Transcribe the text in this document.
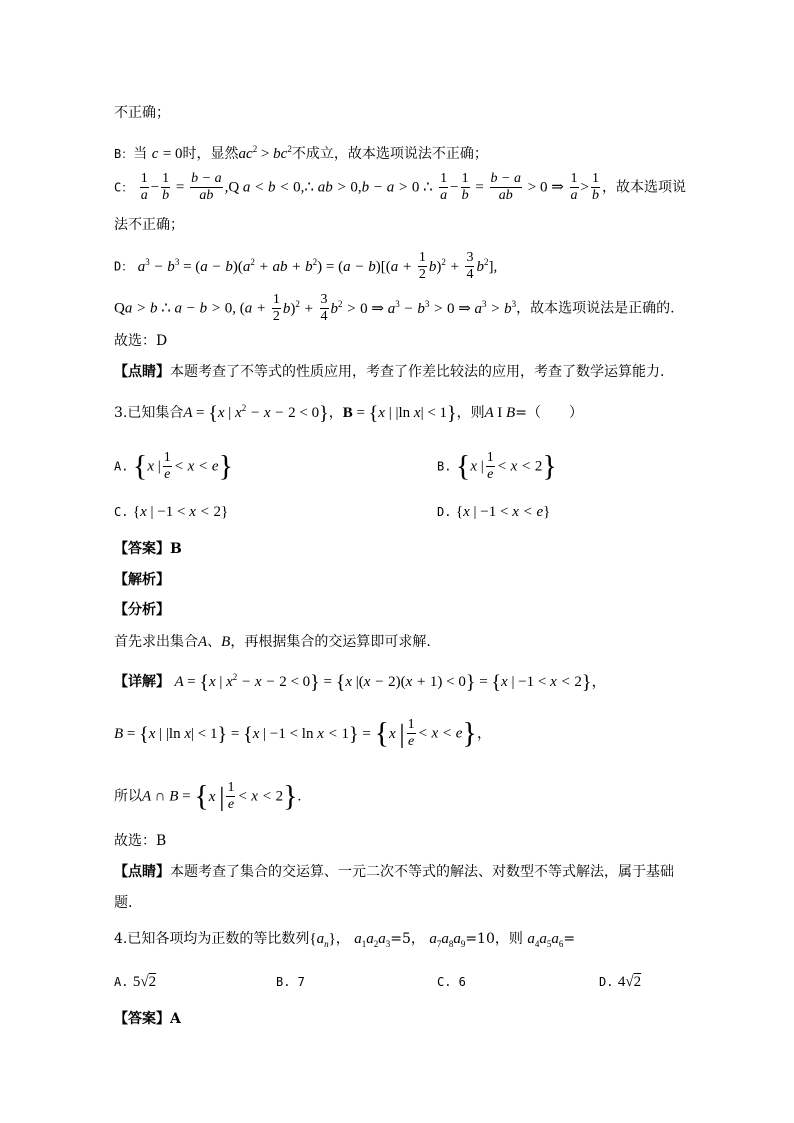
不正确；
B：当 c = 0时，显然$ac^2 > bc^2$不成立，故本选项说法不正确；
C： $\frac{1}{a} - \frac{1}{b} = \frac{b - a}{ab} ,Q$ a < b < 0,∴ ab > 0,b − a > 0 ∴ $\frac{1}{a} - \frac{1}{b} = \frac{b - a}{ab} > 0$ ⇒ $\frac{1}{a} > \frac{1}{b}$ ，故本选项说
法不正确；
D： $a^3 - b^3 = (a - b)(a^2$ + ab + $b^2) = (a - b)[(a + \frac{1}{2} b)^2 + \frac{3}{4} b^2]$,
Qa > b ∴ a − b > 0, $(a + \frac{1}{2} b)^2 + \frac{3}{4} b^2 > 0$ ⇒ $a^3 - b^3 > 0$ ⇒ $a^3 > b^3$，故本选项说法是正确的.
故选：D
【点睛】本题考查了不等式的性质应用，考查了作差比较法的应用，考查了数学运算能力.
3.已知集合A = {x | $x^2 - x - 2 < 0$}，B = {x | |ln x| < 1}，则A I B=（　　）
A. {x | $\frac{1}{e} < x < e$}	B. {x | $\frac{1}{e} < x < 2$}
C. {x | −1 < x < 2}	D. {x | −1 < x < e}
【答案】B
【解析】
【分析】
首先求出集合A、B，再根据集合的交运算即可求解.
【详解】 A = {x | $x^2 - x - 2 < 0\} = \{x$ |(x − 2)(x + 1) < 0} = {x | −1 < x < 2}，
B = {x | |ln x| < 1} = {x | −1 < ln x < 1} = {x | $\frac{1}{e} < x < e$}，
所以A ∩ B = {x | $\frac{1}{e} < x < 2$}.
故选：B
【点睛】本题考查了集合的交运算、一元二次不等式的解法、对数型不等式解法，属于基础
题.
4.已知各项均为正数的等比数列$\{a_n\}$， $a_1a_2a_3=5$， $a_7a_8a_9=10$，则 $a_4a_5a_6=$
A. 5√2	B. 7	C. 6	D. 4√2
【答案】A
